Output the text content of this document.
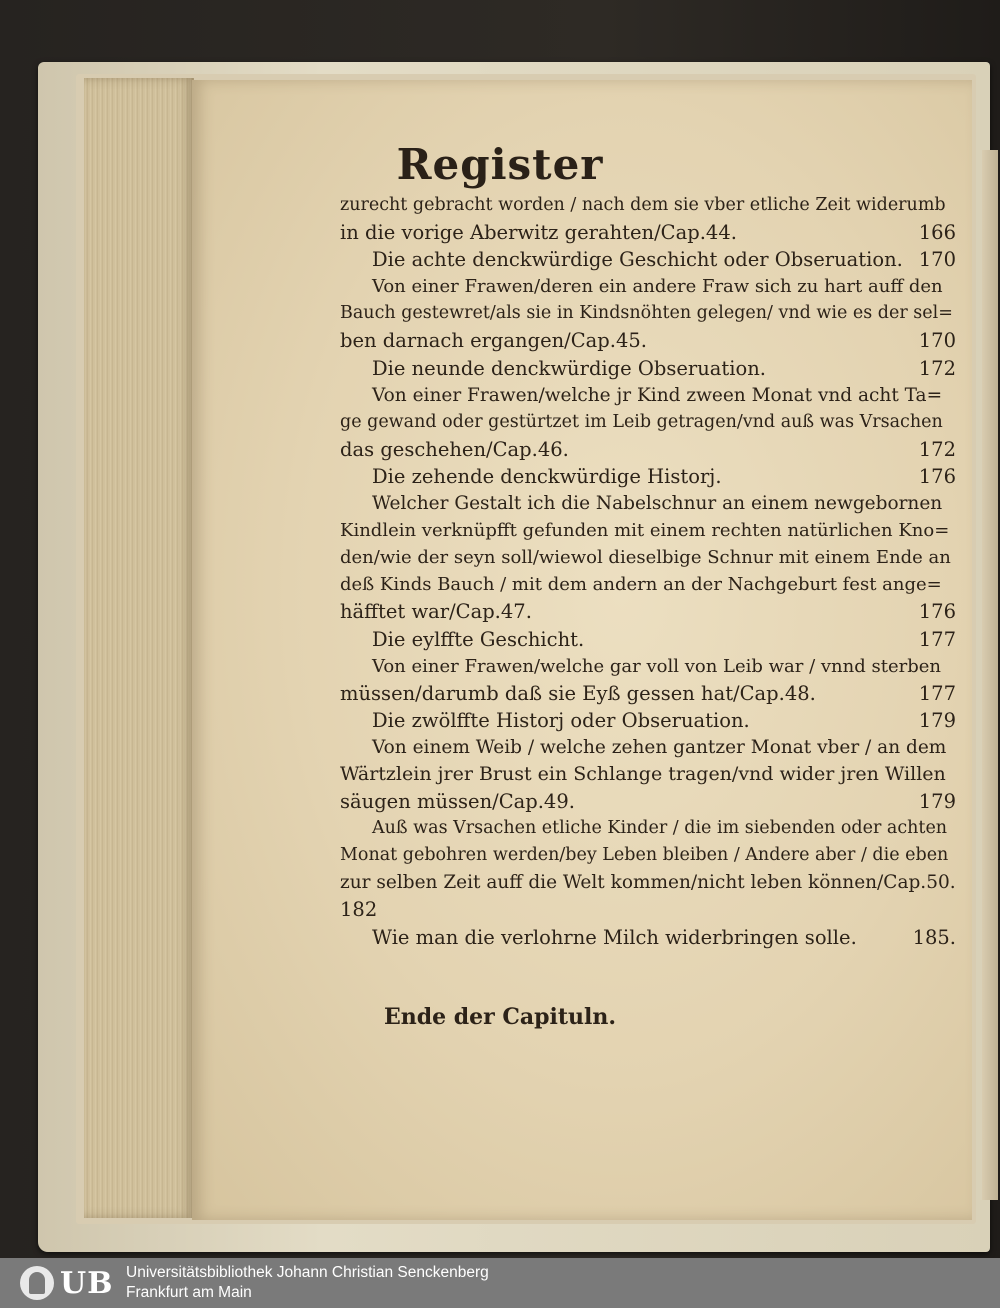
Register
zurecht gebracht worden / nach dem sie vber etliche Zeit widerumb
in die vorige Aberwitz gerahten/Cap.44.	166
Die achte denckwürdige Geschicht oder Obseruation. 170
Von einer Frawen/deren ein andere Fraw sich zu hart auff den
Bauch gestewret/als sie in Kindsnöhten gelegen/ vnd wie es der sel=
ben darnach ergangen/Cap.45.	170
Die neunde denckwürdige Obseruation.	172
Von einer Frawen/welche jr Kind zween Monat vnd acht Ta=
ge gewand oder gestürtzet im Leib getragen/vnd auß was Vrsachen
das geschehen/Cap.46.	172
Die zehende denckwürdige Historj.	176
Welcher Gestalt ich die Nabelschnur an einem newgebornen
Kindlein verknüpfft gefunden mit einem rechten natürlichen Kno=
den/wie der seyn soll/wiewol dieselbige Schnur mit einem Ende an
deß Kinds Bauch / mit dem andern an der Nachgeburt fest ange=
häfftet war/Cap.47.	176
Die eylffte Geschicht.	177
Von einer Frawen/welche gar voll von Leib war / vnnd sterben
müssen/darumb daß sie Eyß gessen hat/Cap.48.	177
Die zwölffte Historj oder Obseruation.	179
Von einem Weib / welche zehen gantzer Monat vber / an dem
Wärtzlein jrer Brust ein Schlange tragen/vnd wider jren Willen
säugen müssen/Cap.49.	179
Auß was Vrsachen etliche Kinder / die im siebenden oder achten
Monat gebohren werden/bey Leben bleiben / Andere aber / die eben
zur selben Zeit auff die Welt kommen/nicht leben können/Cap.50.
182
Wie man die verlohrne Milch widerbringen solle.	185.
Ende der Capituln.
UB Universitätsbibliothek Johann Christian Senckenberg
Frankfurt am Main
